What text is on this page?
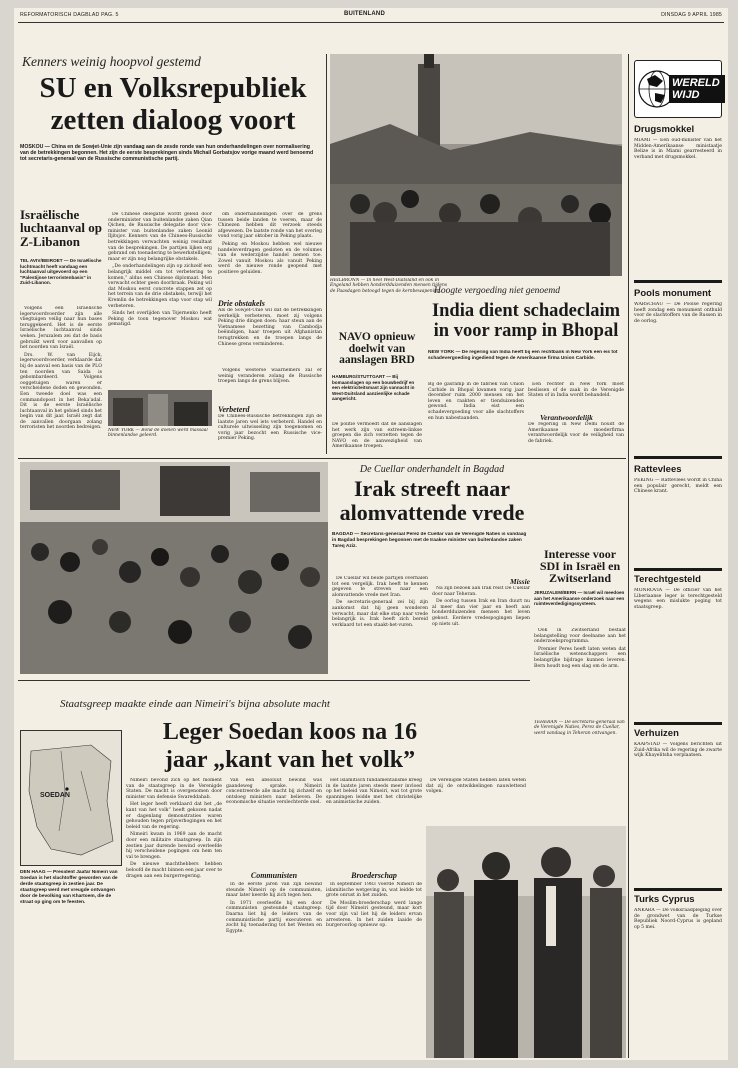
REFORMATORISCH DAGBLAD PAG. 5	BUITENLAND	DINSDAG 9 APRIL 1985
Kenners weinig hoopvol gestemd
SU en Volksrepubliek
zetten dialoog voort
MOSKOU — China en de Sowjet-Unie zijn vandaag aan de zesde ronde van hun onderhandelingen over normalisering van de betrekkingen begonnen. Het zijn de eerste besprekingen sinds Michail Gorbatsjov vorige maand werd benoemd tot secretaris-generaal van de Russische communistische partij.
Israëlische luchtaanval op Z-Libanon
TEL AVIV/BEIROET — De Israëlische luchtmacht heeft vandaag een luchtaanval uitgevoerd op een "Palestijnse terroristenbasis" in Zuid-Libanon.

Volgens een Israëlische legerwoordvoerder zijn alle vliegtuigen veilig naar hun bases teruggekeerd. Het is de eerste Israëlische luchtaanval sinds weken. Jeruzalem zei dat de basis gebruikt werd voor aanvallen op het noorden van Israël.

Drs. W. van Eijck, legerwoordvoerder, verklaarde dat bij de aanval een basis van de PLO ten noorden van Saida is gebombardeerd. Volgens ooggetuigen waren er verscheidene doden en gewonden. Een tweede doel was een commandopost in het Beka'adal. Dit is de eerste Israëlische luchtaanval in het gebied sinds het begin van dit jaar. Israël zegt dat de aanvallen doorgaan zolang terroristen het noorden bedreigen.

De Chinese delegatie wordt geleid door onderminister van buitenlandse zaken Qian Qichen, de Russische delegatie door vice-minister van buitenlandse zaken Leonid Iljitsjov. Kenners van de Chinees-Russische betrekkingen verwachten weinig resultaat van de besprekingen. De partijen lijken erg gebrand om toenadering te bewerkstelligen, maar er zijn nog belangrijke obstakels.

„De onderhandelingen zijn op zichzelf een belangrijk middel om tot verbetering te komen,” aldus een Chinese diplomaat. Men verwacht echter geen doorbraak. Peking wil dat Moskou eerst concrete stappen zet op het terrein van de drie obstakels, terwijl het Kremlin de betrekkingen stap voor stap wil verbeteren.

Sinds het overlijden van Tsjernenko heeft Peking de toon tegenover Moskou wat gematigd.

NEW YORK — Bond de doelen werd massaal binnenlandse geleerd.

om onderhandelingen over de grens tussen beide landen te voeren, maar de Chinezen hebben dit verzoek steeds afgewezen. De laatste ronde van het overleg vond vorig jaar oktober in Peking plaats.

Peking en Moskou hebben wel nieuwe handelsverdragen gesloten en de volumes van de wederzijdse handel nemen toe. Zowel vanuit Moskou als vanuit Peking werd de nieuwe ronde geopend met positieve geluiden.

Drie obstakels
Als de Sowjet-Unie wil dat de betrekkingen werkelijk verbeteren, moet zij volgens Peking drie dingen doen: haar steun aan de Vietnamese bezetting van Cambodja beëindigen, haar troepen uit Afghanistan terugtrekken en de troepen langs de Chinese grens verminderen.

Volgens westerse waarnemers zal er weinig veranderen zolang de Russische troepen langs de grens blijven.

Verbeterd
De Chinees-Russische betrekkingen zijn de laatste jaren wel iets verbeterd. Handel en culturele uitwisseling zijn toegenomen en vorig jaar bezocht een Russische vice-premier Peking.
HEILBRONN — In heel West-Duitsland en ook in Engeland hebben honderdduizenden mensen tijdens de Paasdagen betoogd tegen de kernbewapening.
Hoogte vergoeding niet genoemd
India dient schadeclaim
in voor ramp in Bhopal
NEW YORK — De regering van India heeft bij een rechtbank in New York een eis tot schadevergoeding ingediend tegen de Amerikaanse firma Union Carbide.
Bij de gasramp in de fabriek van Union Carbide in Bhopal kwamen vorig jaar december ruim 2000 mensen om het leven en raakten er tienduizenden gewond. India eist een schadevergoeding voor alle slachtoffers en hun nabestaanden.

Een rechter in New York moet beslissen of de zaak in de Verenigde Staten of in India wordt behandeld.

Verantwoordelijk
De regering in New Delhi houdt de Amerikaanse moederfirma verantwoordelijk voor de veiligheid van de fabriek.
NAVO opnieuw doelwit van aanslagen BRD
HAMBURG/STUTTGART — Bij bomaanslagen op een bouwbedrijf en een elektriciteitsmast zijn vannacht in West-Duitsland aanzienlijke schade aangericht.
De politie vermoedt dat de aanslagen het werk zijn van extreem-linkse groepen die zich verzetten tegen de NAVO en de aanwezigheid van Amerikaanse troepen.
De Cuellar onderhandelt in Bagdad
Irak streeft naar
alomvattende vrede
BAGDAD — Secretaris-generaal Perez de Cuellar van de Verenigde Naties is vandaag in Bagdad besprekingen begonnen met de Iraakse minister van buitenlandse zaken Tareq Aziz.

De Cuellar wil beide partijen overhalen tot een vergelijk. Irak heeft te kennen gegeven te streven naar een alomvattende vrede met Iran.

De secretaris-generaal zei bij zijn aankomst dat hij geen wonderen verwacht, maar dat elke stap naar vrede belangrijk is. Irak heeft zich bereid verklaard tot een staakt-het-vuren.

Missie

Na zijn bezoek aan Irak reist De Cuellar door naar Teheran.

De oorlog tussen Irak en Iran duurt nu al meer dan vier jaar en heeft aan honderdduizenden mensen het leven gekost. Eerdere vredespogingen liepen op niets uit.

Interesse voor SDI in Israël en Zwitserland
JERUZALEM/BERN — Israël wil meedoen aan het Amerikaanse onderzoek naar een ruimteverdedigingssysteem.

Ook in Zwitserland bestaat belangstelling voor deelname aan het onderzoeksprogramma.

Premier Peres heeft laten weten dat Israëlische wetenschappers een belangrijke bijdrage kunnen leveren. Bern houdt nog een slag om de arm.

TEHERAN — De secretaris-generaal van de Verenigde Naties, Perez de Cuellar, werd vandaag in Teheran ontvangen.
Staatsgreep maakte einde aan Nimeiri's bijna absolute macht
Leger Soedan koos na 16
jaar „kant van het volk”
SOEDAN
DEN HAAG — President Jaafar Nimeiri van Soedan is het slachtoffer geworden van de derde staatsgreep in zestien jaar. De staatsgreep werd met vreugde ontvangen door de bevolking van Khartoem, die de straat op ging om te feesten.

Nimeiri bevond zich op het moment van de staatsgreep in de Verenigde Staten. De macht is overgenomen door minister van defensie Swareddahab.

Het leger heeft verklaard dat het „de kant van het volk” heeft gekozen nadat er dagenlang demonstraties waren gehouden tegen prijsverhogingen en het beleid van de regering.

Nimeiri kwam in 1969 aan de macht door een militaire staatsgreep. In zijn zestien jaar durende bewind overleefde hij verscheidene pogingen om hem ten val te brengen.

De nieuwe machthebbers hebben beloofd de macht binnen een jaar over te dragen aan een burgerregering.

Van een absoluut bewind was gaandeweg sprake. Nimeiri concentreerde alle macht bij zichzelf en ontsloeg ministers naar believen. De economische situatie verslechterde snel.

Communisten

In de eerste jaren van zijn bewind steunde Nimeiri op de communisten, maar later keerde hij zich tegen hen.

In 1971 overleefde hij een door communisten gesteunde staatsgreep. Daarna liet hij de leiders van de communistische partij executeren en zocht hij toenadering tot het Westen en Egypte.

Het islamitisch fundamentalisme kreeg in de laatste jaren steeds meer invloed op het beleid van Nimeiri, wat tot grote spanningen leidde met het christelijke en animistische zuiden.

Broederschap

In september 1983 voerde Nimeiri de islamitische wetgeving in, wat leidde tot grote onrust in het zuiden.

De Moslim-broederschap werd lange tijd door Nimeiri gesteund, maar kort voor zijn val liet hij de leiders ervan arresteren. In het zuiden laaide de burgeroorlog opnieuw op.

De Verenigde Staten hebben laten weten dat zij de ontwikkelingen nauwlettend volgen.

WERELD WIJD
Drugsmokkel
MIAMI — Een oud-minister van het Midden-Amerikaanse ministaatje Belize is in Miami gearresteerd in verband met drugsmokkel.
Pools monument
WARSCHAU — De Poolse regering heeft zondag een monument onthuld voor de slachtoffers van de Russen in de oorlog.
Rattevlees
PEKING — Rattevlees wordt in China een populair gerecht, meldt een Chinese krant.
Terechtgesteld
MONROVIA — De officier van het Liberiaanse leger is terechtgesteld wegens een mislukte poging tot staatsgreep.
Verhuizen
KAAPSTAD — Volgens berichten uit Zuid-Afrika wil de regering de zwarte wijk Khayelitsha verplaatsen.
Turks Cyprus
ANKARA — De volksraadpleging over de grondwet van de Turkse Republiek Noord-Cyprus is gepland op 5 mei.
